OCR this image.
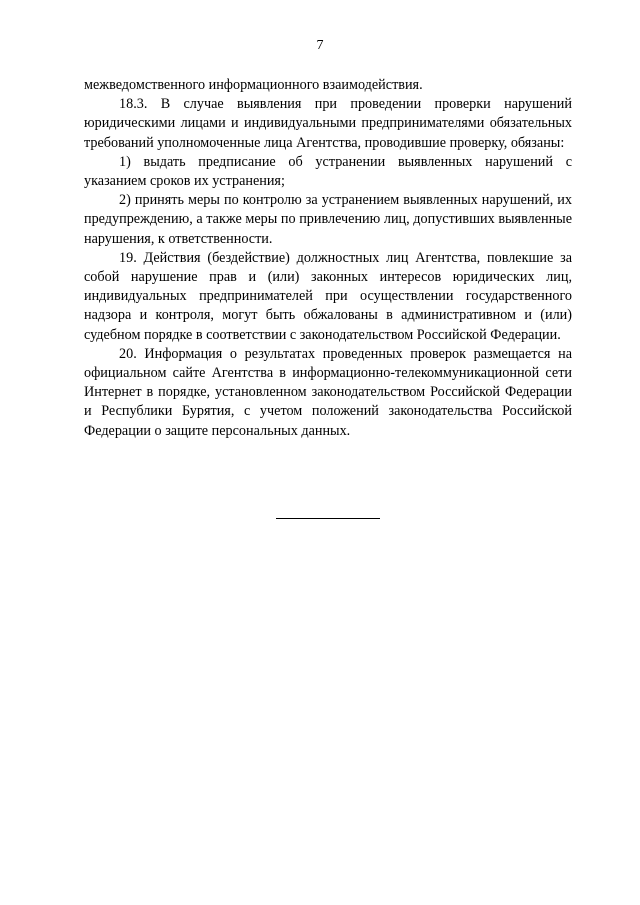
7

межведомственного информационного взаимодействия.

18.3. В случае выявления при проведении проверки нарушений юридическими лицами и индивидуальными предпринимателями обязательных требований уполномоченные лица Агентства, проводившие проверку, обязаны:

1) выдать предписание об устранении выявленных нарушений с указанием сроков их устранения;

2) принять меры по контролю за устранением выявленных нарушений, их предупреждению, а также меры по привлечению лиц, допустивших выявленные нарушения, к ответственности.

19. Действия (бездействие) должностных лиц Агентства, повлекшие за собой нарушение прав и (или) законных интересов юридических лиц, индивидуальных предпринимателей при осуществлении государственного надзора и контроля, могут быть обжалованы в административном и (или) судебном порядке в соответствии с законодательством Российской Федерации.

20. Информация о результатах проведенных проверок размещается на официальном сайте Агентства в информационно-телекоммуникационной сети Интернет в порядке, установленном законодательством Российской Федерации и Республики Бурятия, с учетом положений законодательства Российской Федерации о защите персональных данных.
